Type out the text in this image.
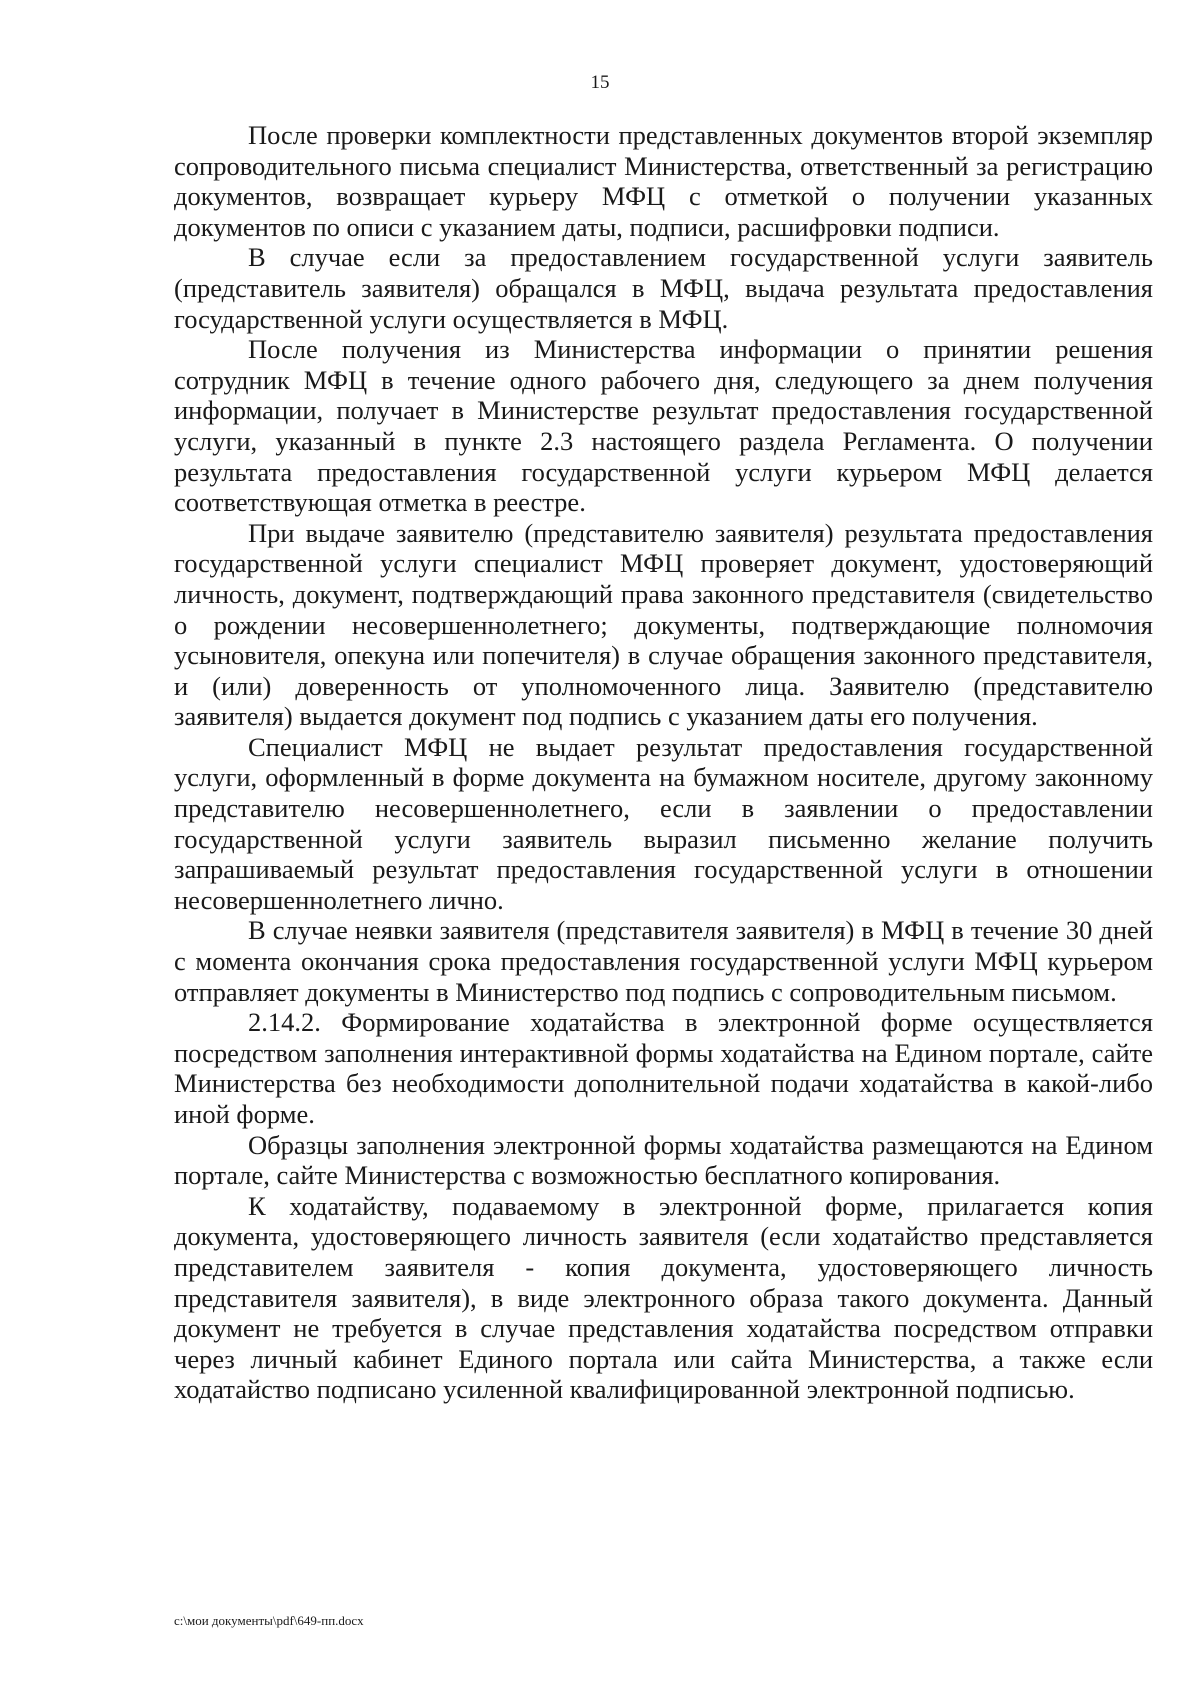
15

После проверки комплектности представленных документов второй экземпляр сопроводительного письма специалист Министерства, ответственный за регистрацию документов, возвращает курьеру МФЦ с отметкой о получении указанных документов по описи с указанием даты, подписи, расшифровки подписи.

В случае если за предоставлением государственной услуги заявитель (представитель заявителя) обращался в МФЦ, выдача результата предоставления государственной услуги осуществляется в МФЦ.

После получения из Министерства информации о принятии решения сотрудник МФЦ в течение одного рабочего дня, следующего за днем получения информации, получает в Министерстве результат предоставления государственной услуги, указанный в пункте 2.3 настоящего раздела Регламента. О получении результата предоставления государственной услуги курьером МФЦ делается соответствующая отметка в реестре.

При выдаче заявителю (представителю заявителя) результата предоставления государственной услуги специалист МФЦ проверяет документ, удостоверяющий личность, документ, подтверждающий права законного представителя (свидетельство о рождении несовершеннолетнего; документы, подтверждающие полномочия усыновителя, опекуна или попечителя) в случае обращения законного представителя, и (или) доверенность от уполномоченного лица. Заявителю (представителю заявителя) выдается документ под подпись с указанием даты его получения.

Специалист МФЦ не выдает результат предоставления государственной услуги, оформленный в форме документа на бумажном носителе, другому законному представителю несовершеннолетнего, если в заявлении о предоставлении государственной услуги заявитель выразил письменно желание получить запрашиваемый результат предоставления государственной услуги в отношении несовершеннолетнего лично.

В случае неявки заявителя (представителя заявителя) в МФЦ в течение 30 дней с момента окончания срока предоставления государственной услуги МФЦ курьером отправляет документы в Министерство под подпись с сопроводительным письмом.

2.14.2. Формирование ходатайства в электронной форме осуществляется посредством заполнения интерактивной формы ходатайства на Едином портале, сайте Министерства без необходимости дополнительной подачи ходатайства в какой-либо иной форме.

Образцы заполнения электронной формы ходатайства размещаются на Едином портале, сайте Министерства с возможностью бесплатного копирования.

К ходатайству, подаваемому в электронной форме, прилагается копия документа, удостоверяющего личность заявителя (если ходатайство представляется представителем заявителя - копия документа, удостоверяющего личность представителя заявителя), в виде электронного образа такого документа. Данный документ не требуется в случае представления ходатайства посредством отправки через личный кабинет Единого портала или сайта Министерства, а также если ходатайство подписано усиленной квалифицированной электронной подписью.

c:\мои документы\pdf\649-пп.docx
